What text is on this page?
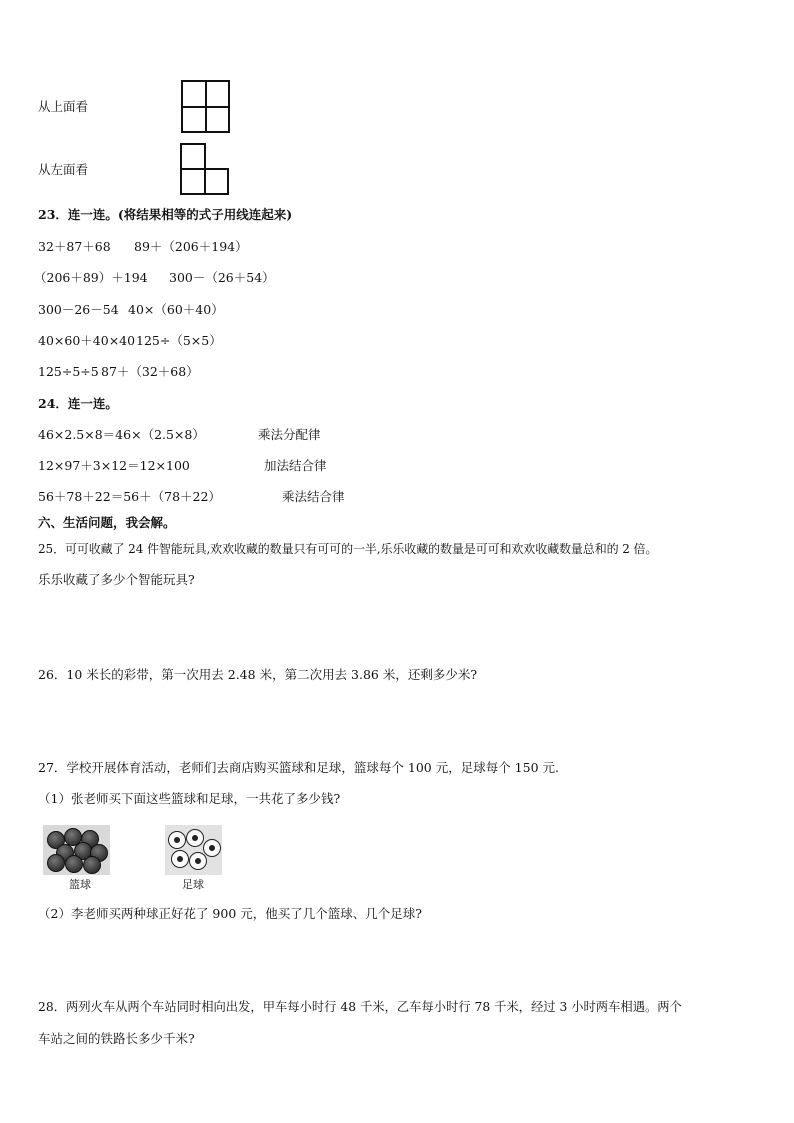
从上面看
从左面看
23．连一连。(将结果相等的式子用线连起来)
32＋87＋68 89＋（206＋194）
（206＋89）＋194 300－（26＋54）
300－26－54 40×（60＋40）
40×60＋40×40 125÷（5×5）
125÷5÷5 87＋（32＋68）
24．连一连。
46×2.5×8＝46×（2.5×8）	乘法分配律
12×97＋3×12＝12×100	加法结合律
56＋78＋22＝56＋（78＋22）	乘法结合律
六、生活问题，我会解。
25．可可收藏了 24 件智能玩具,欢欢收藏的数量只有可可的一半,乐乐收藏的数量是可可和欢欢收藏数量总和的 2 倍。
乐乐收藏了多少个智能玩具?
26．10 米长的彩带，第一次用去 2.48 米，第二次用去 3.86 米，还剩多少米?
27．学校开展体育活动，老师们去商店购买篮球和足球，篮球每个 100 元，足球每个 150 元.
（1）张老师买下面这些篮球和足球，一共花了多少钱?
篮球	足球
（2）李老师买两种球正好花了 900 元，他买了几个篮球、几个足球?
28．两列火车从两个车站同时相向出发，甲车每小时行 48 千米，乙车每小时行 78 千米，经过 3 小时两车相遇。两个
车站之间的铁路长多少千米?
